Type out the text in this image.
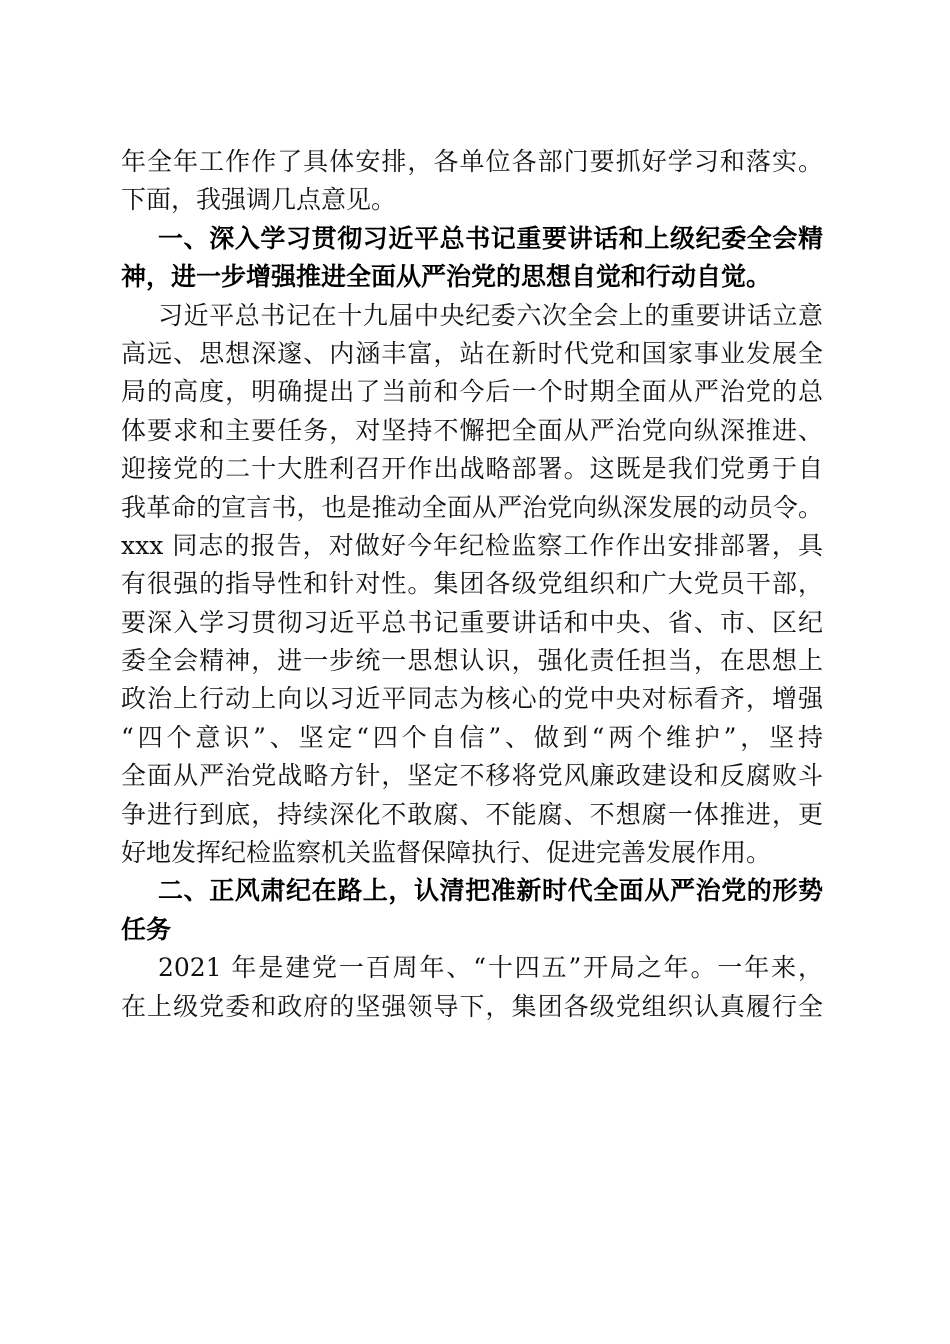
年全年工作作了具体安排，各单位各部门要抓好学习和落实。
下面，我强调几点意见。
一、深入学习贯彻习近平总书记重要讲话和上级纪委全会精
神，进一步增强推进全面从严治党的思想自觉和行动自觉。
习近平总书记在十九届中央纪委六次全会上的重要讲话立意
高远、思想深邃、内涵丰富，站在新时代党和国家事业发展全
局的高度，明确提出了当前和今后一个时期全面从严治党的总
体要求和主要任务，对坚持不懈把全面从严治党向纵深推进、
迎接党的二十大胜利召开作出战略部署。这既是我们党勇于自
我革命的宣言书，也是推动全面从严治党向纵深发展的动员令。
xxx 同志的报告，对做好今年纪检监察工作作出安排部署，具
有很强的指导性和针对性。集团各级党组织和广大党员干部，
要深入学习贯彻习近平总书记重要讲话和中央、省、市、区纪
委全会精神，进一步统一思想认识，强化责任担当，在思想上
政治上行动上向以习近平同志为核心的党中央对标看齐，增强
“四个意识”、坚定“四个自信”、做到“两个维护”，坚持
全面从严治党战略方针，坚定不移将党风廉政建设和反腐败斗
争进行到底，持续深化不敢腐、不能腐、不想腐一体推进，更
好地发挥纪检监察机关监督保障执行、促进完善发展作用。
二、正风肃纪在路上，认清把准新时代全面从严治党的形势
任务
2021 年是建党一百周年、“十四五”开局之年。一年来，
在上级党委和政府的坚强领导下，集团各级党组织认真履行全
